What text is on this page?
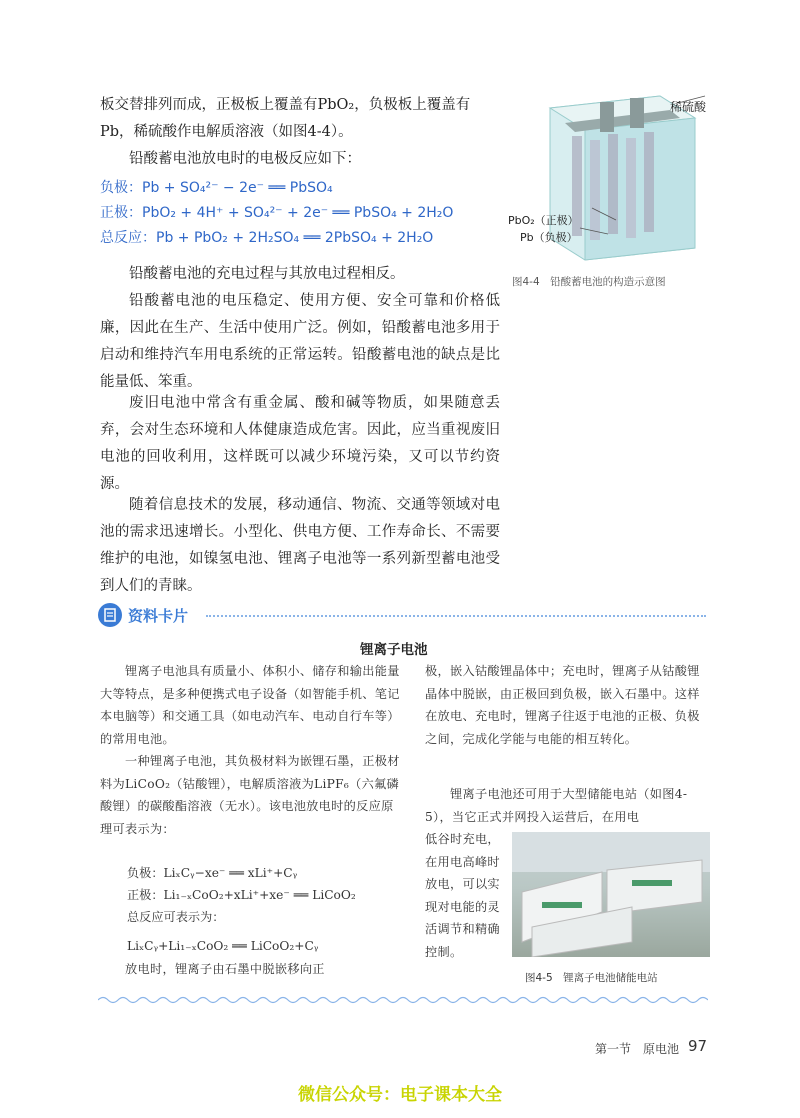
板交替排列而成，正极板上覆盖有PbO₂，负极板上覆盖有
Pb，稀硫酸作电解质溶液（如图4-4）。
铅酸蓄电池放电时的电极反应如下：
负极：Pb + SO₄²⁻ − 2e⁻ ══ PbSO₄
正极：PbO₂ + 4H⁺ + SO₄²⁻ + 2e⁻ ══ PbSO₄ + 2H₂O
总反应：Pb + PbO₂ + 2H₂SO₄ ══ 2PbSO₄ + 2H₂O
稀硫酸
PbO₂（正极）
Pb（负极）
图4-4　铅酸蓄电池的构造示意图
铅酸蓄电池的充电过程与其放电过程相反。
铅酸蓄电池的电压稳定、使用方便、安全可靠和价格低廉，因此在生产、生活中使用广泛。例如，铅酸蓄电池多用于启动和维持汽车用电系统的正常运转。铅酸蓄电池的缺点是比能量低、笨重。
废旧电池中常含有重金属、酸和碱等物质，如果随意丢弃，会对生态环境和人体健康造成危害。因此，应当重视废旧电池的回收利用，这样既可以减少环境污染，又可以节约资源。
随着信息技术的发展，移动通信、物流、交通等领域对电池的需求迅速增长。小型化、供电方便、工作寿命长、不需要维护的电池，如镍氢电池、锂离子电池等一系列新型蓄电池受到人们的青睐。
资料卡片
锂离子电池
锂离子电池具有质量小、体积小、储存和输出能量大等特点，是多种便携式电子设备（如智能手机、笔记本电脑等）和交通工具（如电动汽车、电动自行车等）的常用电池。
一种锂离子电池，其负极材料为嵌锂石墨，正极材料为LiCoO₂（钴酸锂），电解质溶液为LiPF₆（六氟磷酸锂）的碳酸酯溶液（无水）。该电池放电时的反应原理可表示为：
负极：LiₓCᵧ−xe⁻ ══ xLi⁺+Cᵧ
正极：Li₁₋ₓCoO₂+xLi⁺+xe⁻ ══ LiCoO₂
总反应可表示为：
LiₓCᵧ+Li₁₋ₓCoO₂ ══ LiCoO₂+Cᵧ
放电时，锂离子由石墨中脱嵌移向正
极，嵌入钴酸锂晶体中；充电时，锂离子从钴酸锂晶体中脱嵌，由正极回到负极，嵌入石墨中。这样在放电、充电时，锂离子往返于电池的正极、负极之间，完成化学能与电能的相互转化。
锂离子电池还可用于大型储能电站（如图4-5），当它正式并网投入运营后，在用电
低谷时充电，
在用电高峰时
放电，可以实
现对电能的灵
活调节和精确
控制。
图4-5　锂离子电池储能电站
第一节　原电池 97
微信公众号：电子课本大全
